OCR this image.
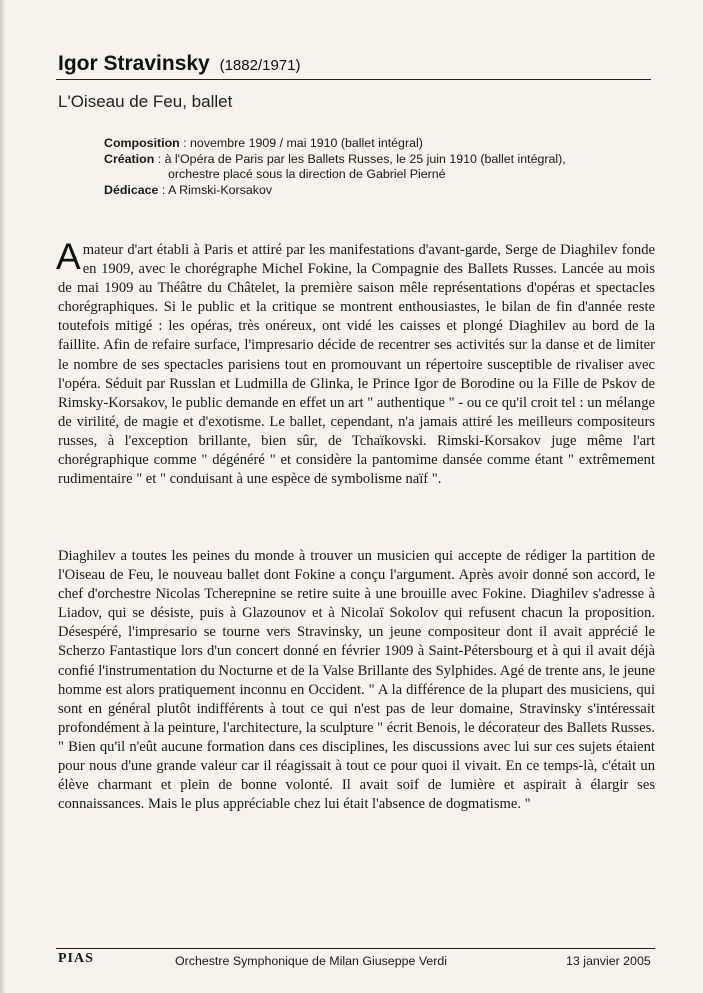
Igor Stravinsky (1882/1971)
L'Oiseau de Feu, ballet

Composition : novembre 1909 / mai 1910 (ballet intégral)

Création : à l'Opéra de Paris par les Ballets Russes, le 25 juin 1910 (ballet intégral),

orchestre placé sous la direction de Gabriel Pierné

Dédicace : A Rimski-Korsakov

Amateur d'art établi à Paris et attiré par les manifestations d'avant-garde, Serge de Diaghilev fonde en 1909, avec le chorégraphe Michel Fokine, la Compagnie des Ballets Russes. Lancée au mois de mai 1909 au Théâtre du Châtelet, la première saison mêle représentations d'opéras et spectacles chorégraphiques. Si le public et la critique se montrent enthousiastes, le bilan de fin d'année reste toutefois mitigé : les opéras, très onéreux, ont vidé les caisses et plongé Diaghilev au bord de la faillite. Afin de refaire surface, l'impresario décide de recentrer ses activités sur la danse et de limiter le nombre de ses spectacles parisiens tout en promouvant un répertoire susceptible de rivaliser avec l'opéra. Séduit par Russlan et Ludmilla de Glinka, le Prince Igor de Borodine ou la Fille de Pskov de Rimsky-Korsakov, le public demande en effet un art " authentique " - ou ce qu'il croit tel : un mélange de virilité, de magie et d'exotisme. Le ballet, cependant, n'a jamais attiré les meilleurs compositeurs russes, à l'exception brillante, bien sûr, de Tchaïkovski. Rimski-Korsakov juge même l'art chorégraphique comme " dégénéré " et considère la pantomime dansée comme étant " extrêmement rudimentaire " et " conduisant à une espèce de symbolisme naïf ".

Diaghilev a toutes les peines du monde à trouver un musicien qui accepte de rédiger la partition de l'Oiseau de Feu, le nouveau ballet dont Fokine a conçu l'argument. Après avoir donné son accord, le chef d'orchestre Nicolas Tcherepnine se retire suite à une brouille avec Fokine. Diaghilev s'adresse à Liadov, qui se désiste, puis à Glazounov et à Nicolaï Sokolov qui refusent chacun la proposition. Désespéré, l'impresario se tourne vers Stravinsky, un jeune compositeur dont il avait apprécié le Scherzo Fantastique lors d'un concert donné en février 1909 à Saint-Pétersbourg et à qui il avait déjà confié l'instrumentation du Nocturne et de la Valse Brillante des Sylphides. Agé de trente ans, le jeune homme est alors pratiquement inconnu en Occident. " A la différence de la plupart des musiciens, qui sont en général plutôt indifférents à tout ce qui n'est pas de leur domaine, Stravinsky s'intéressait profondément à la peinture, l'architecture, la sculpture " écrit Benois, le décorateur des Ballets Russes. " Bien qu'il n'eût aucune formation dans ces disciplines, les discussions avec lui sur ces sujets étaient pour nous d'une grande valeur car il réagissait à tout ce pour quoi il vivait. En ce temps-là, c'était un élève charmant et plein de bonne volonté. Il avait soif de lumière et aspirait à élargir ses connaissances. Mais le plus appréciable chez lui était l'absence de dogmatisme. "

PIAS	Orchestre Symphonique de Milan Giuseppe Verdi	13 janvier 2005
